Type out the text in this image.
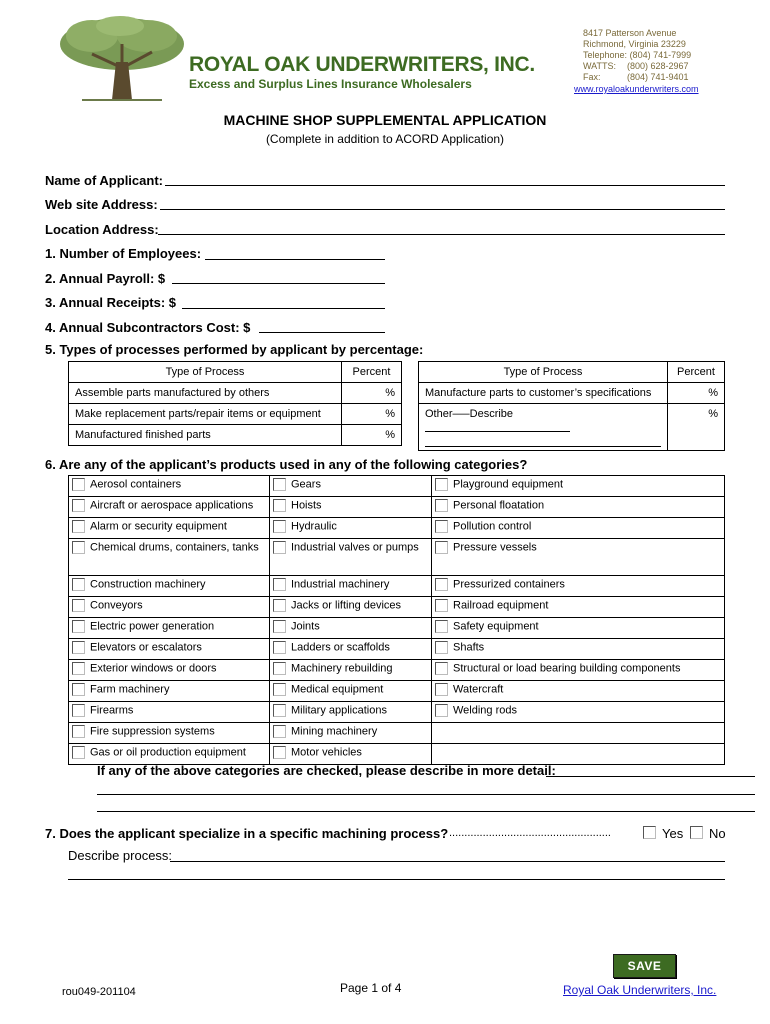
ROYAL OAK UNDERWRITERS, INC.
Excess and Surplus Lines Insurance Wholesalers
8417 Patterson Avenue
Richmond, Virginia 23229
Telephone: (804) 741-7999
WATTS: (800) 628-2967
Fax:	(804) 741-9401
www.royaloakunderwriters.com
MACHINE SHOP SUPPLEMENTAL APPLICATION
(Complete in addition to ACORD Application)
Name of Applicant:
Web site Address:
Location Address:
1. Number of Employees:
2. Annual Payroll: $
3. Annual Receipts: $
4. Annual Subcontractors Cost: $
5. Types of processes performed by applicant by percentage:
Type of Process	Percent
Assemble parts manufactured by others	%
Make replacement parts/repair items or equipment	%
Manufactured finished parts	%
Type of Process	Percent
Manufacture parts to customer’s specifications	%
Other—–Describe	%
6. Are any of the applicant’s products used in any of the following categories?
Aerosol containers	Gears	Playground equipment
Aircraft or aerospace applications	Hoists	Personal floatation
Alarm or security equipment	Hydraulic	Pollution control
Chemical drums, containers, tanks	Industrial valves or pumps	Pressure vessels
Construction machinery	Industrial machinery	Pressurized containers
Conveyors	Jacks or lifting devices	Railroad equipment
Electric power generation	Joints	Safety equipment
Elevators or escalators	Ladders or scaffolds	Shafts
Exterior windows or doors	Machinery rebuilding	Structural or load bearing building components
Farm machinery	Medical equipment	Watercraft
Firearms	Military applications	Welding rods
Fire suppression systems	Mining machinery	
Gas or oil production equipment	Motor vehicles	
If any of the above categories are checked, please describe in more detail:
7. Does the applicant specialize in a specific machining process? .....................................................	Yes No
Describe process:
SAVE
rou049-201104	Page 1 of 4	Royal Oak Underwriters, Inc.
